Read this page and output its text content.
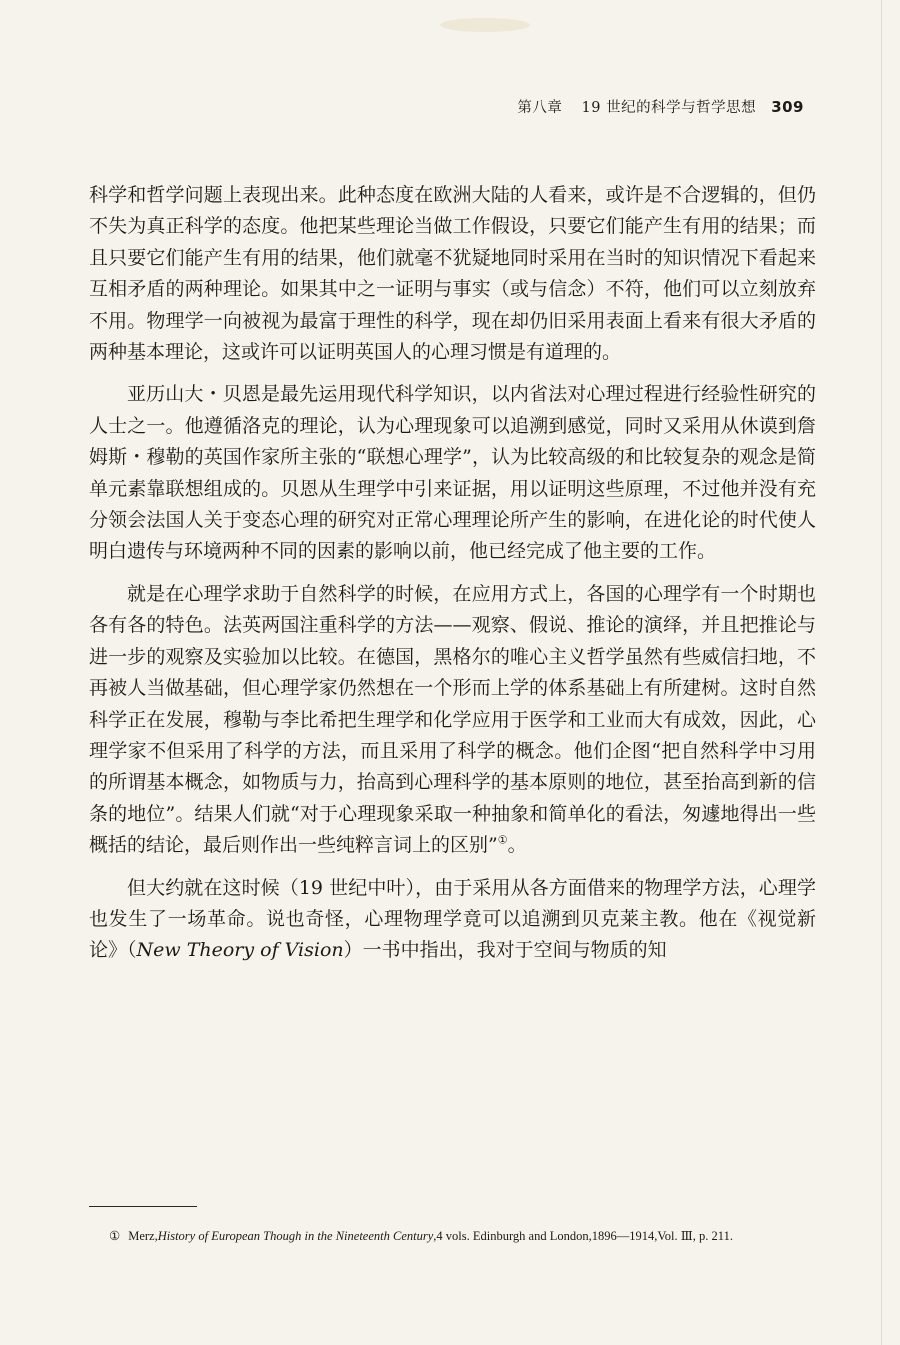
第八章 19 世纪的科学与哲学思想 309

科学和哲学问题上表现出来。此种态度在欧洲大陆的人看来，或许是不合逻辑的，但仍不失为真正科学的态度。他把某些理论当做工作假设，只要它们能产生有用的结果；而且只要它们能产生有用的结果，他们就毫不犹疑地同时采用在当时的知识情况下看起来互相矛盾的两种理论。如果其中之一证明与事实（或与信念）不符，他们可以立刻放弃不用。物理学一向被视为最富于理性的科学，现在却仍旧采用表面上看来有很大矛盾的两种基本理论，这或许可以证明英国人的心理习惯是有道理的。

亚历山大・贝恩是最先运用现代科学知识，以内省法对心理过程进行经验性研究的人士之一。他遵循洛克的理论，认为心理现象可以追溯到感觉，同时又采用从休谟到詹姆斯・穆勒的英国作家所主张的“联想心理学”，认为比较高级的和比较复杂的观念是简单元素靠联想组成的。贝恩从生理学中引来证据，用以证明这些原理，不过他并没有充分领会法国人关于变态心理的研究对正常心理理论所产生的影响，在进化论的时代使人明白遗传与环境两种不同的因素的影响以前，他已经完成了他主要的工作。

就是在心理学求助于自然科学的时候，在应用方式上，各国的心理学有一个时期也各有各的特色。法英两国注重科学的方法——观察、假说、推论的演绎，并且把推论与进一步的观察及实验加以比较。在德国，黑格尔的唯心主义哲学虽然有些威信扫地，不再被人当做基础，但心理学家仍然想在一个形而上学的体系基础上有所建树。这时自然科学正在发展，穆勒与李比希把生理学和化学应用于医学和工业而大有成效，因此，心理学家不但采用了科学的方法，而且采用了科学的概念。他们企图“把自然科学中习用的所谓基本概念，如物质与力，抬高到心理科学的基本原则的地位，甚至抬高到新的信条的地位”。结果人们就“对于心理现象采取一种抽象和简单化的看法，匆遽地得出一些概括的结论，最后则作出一些纯粹言词上的区别”①。

但大约就在这时候（19 世纪中叶），由于采用从各方面借来的物理学方法，心理学也发生了一场革命。说也奇怪，心理物理学竟可以追溯到贝克莱主教。他在《视觉新论》（New Theory of Vision）一书中指出，我对于空间与物质的知

① Merz,History of European Though in the Nineteenth Century,4 vols. Edinburgh and London,1896—1914,Vol. Ⅲ, p. 211.
